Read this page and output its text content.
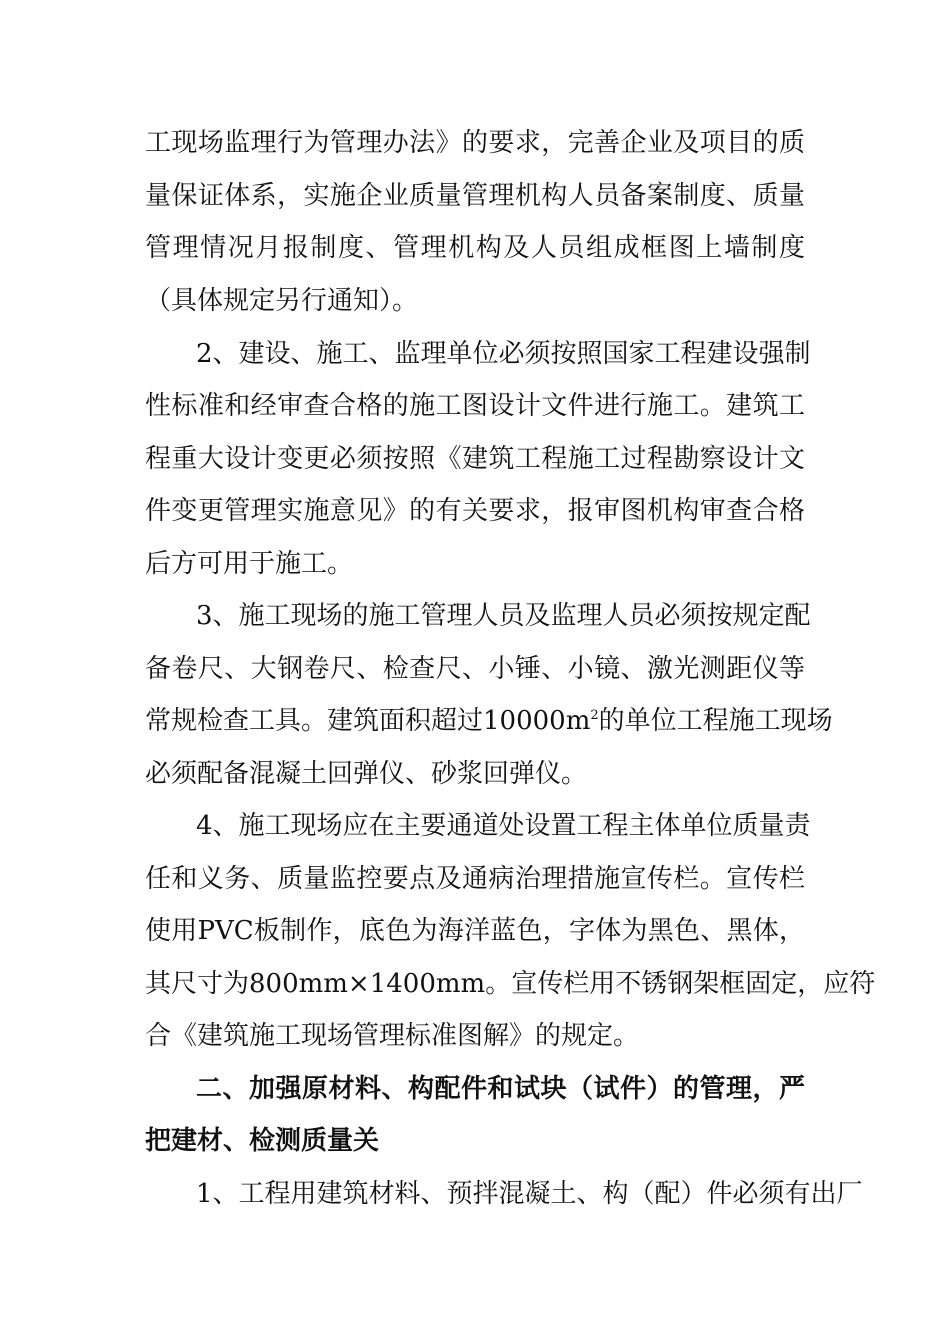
工现场监理行为管理办法》的要求，完善企业及项目的质
量保证体系，实施企业质量管理机构人员备案制度、质量
管理情况月报制度、管理机构及人员组成框图上墙制度
（具体规定另行通知）。
2、建设、施工、监理单位必须按照国家工程建设强制
性标准和经审查合格的施工图设计文件进行施工。建筑工
程重大设计变更必须按照《建筑工程施工过程勘察设计文
件变更管理实施意见》的有关要求，报审图机构审查合格
后方可用于施工。
3、施工现场的施工管理人员及监理人员必须按规定配
备卷尺、大钢卷尺、检查尺、小锤、小镜、激光测距仪等
常规检查工具。建筑面积超过$10000m^2$的单位工程施工现场
必须配备混凝土回弹仪、砂浆回弹仪。
4、施工现场应在主要通道处设置工程主体单位质量责
任和义务、质量监控要点及通病治理措施宣传栏。宣传栏
使用PVC板制作，底色为海洋蓝色，字体为黑色、黑体，
其尺寸为800mm×1400mm。宣传栏用不锈钢架框固定，应符
合《建筑施工现场管理标准图解》的规定。
二、加强原材料、构配件和试块（试件）的管理，严
把建材、检测质量关
1、工程用建筑材料、预拌混凝土、构（配）件必须有出厂
